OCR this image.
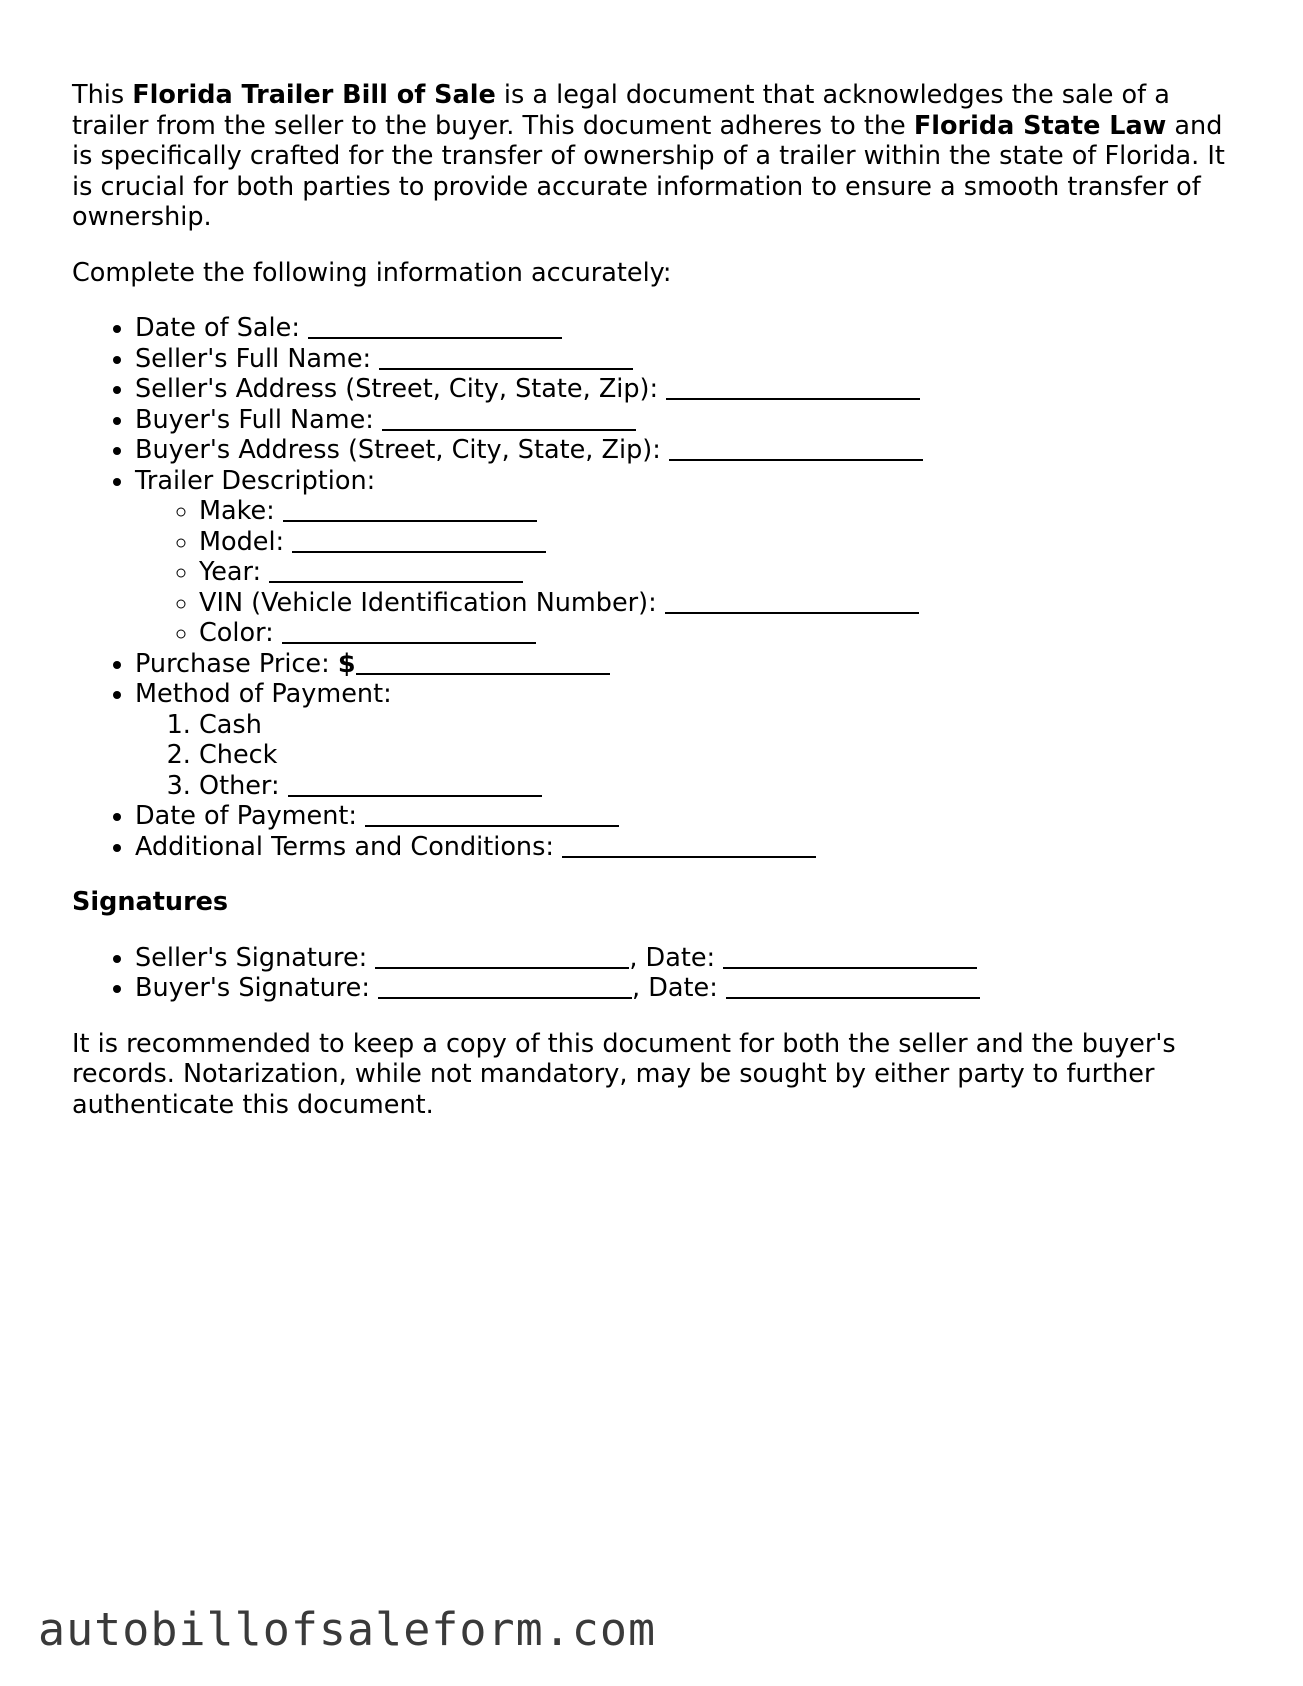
This Florida Trailer Bill of Sale is a legal document that acknowledges the sale of a trailer from the seller to the buyer. This document adheres to the Florida State Law and is specifically crafted for the transfer of ownership of a trailer within the state of Florida. It is crucial for both parties to provide accurate information to ensure a smooth transfer of ownership.

Complete the following information accurately:

• Date of Sale:
• Seller's Full Name:
• Seller's Address (Street, City, State, Zip):
• Buyer's Full Name:
• Buyer's Address (Street, City, State, Zip):
• Trailer Description:
◦ Make:
◦ Model:
◦ Year:
◦ VIN (Vehicle Identification Number):
◦ Color:
• Purchase Price: $
• Method of Payment:
1. Cash
2. Check
3. Other:
• Date of Payment:
• Additional Terms and Conditions:

Signatures

• Seller's Signature:	, Date:
• Buyer's Signature:	, Date:

It is recommended to keep a copy of this document for both the seller and the buyer's records. Notarization, while not mandatory, may be sought by either party to further authenticate this document.

autobillofsaleform.com
